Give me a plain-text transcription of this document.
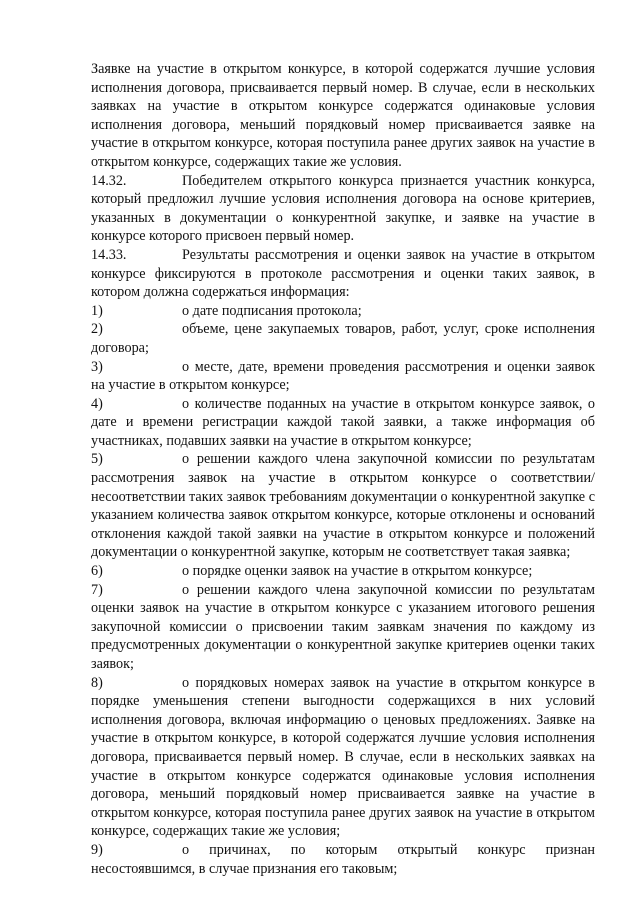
Заявке на участие в открытом конкурсе, в которой содержатся лучшие условия исполнения договора, присваивается первый номер. В случае, если в нескольких заявках на участие в открытом конкурсе содержатся одинаковые условия исполнения договора, меньший порядковый номер присваивается заявке на участие в открытом конкурсе, которая поступила ранее других заявок на участие в открытом конкурсе, содержащих такие же условия.

14.32.	Победителем открытого конкурса признается участник конкурса, который предложил лучшие условия исполнения договора на основе критериев, указанных в документации о конкурентной закупке, и заявке на участие в конкурсе которого присвоен первый номер.

14.33.	Результаты рассмотрения и оценки заявок на участие в открытом конкурсе фиксируются в протоколе рассмотрения и оценки таких заявок, в котором должна содержаться информация:

1)	о дате подписания протокола;

2)	объеме, цене закупаемых товаров, работ, услуг, сроке исполнения договора;

3)	о месте, дате, времени проведения рассмотрения и оценки заявок на участие в открытом конкурсе;

4)	о количестве поданных на участие в открытом конкурсе заявок, о дате и времени регистрации каждой такой заявки, а также информация об участниках, подавших заявки на участие в открытом конкурсе;

5)	о решении каждого члена закупочной комиссии по результатам рассмотрения заявок на участие в открытом конкурсе о соответствии/несоответствии таких заявок требованиям документации о конкурентной закупке с указанием количества заявок открытом конкурсе, которые отклонены и оснований отклонения каждой такой заявки на участие в открытом конкурсе и положений документации о конкурентной закупке, которым не соответствует такая заявка;

6)	о порядке оценки заявок на участие в открытом конкурсе;

7)	о решении каждого члена закупочной комиссии по результатам оценки заявок на участие в открытом конкурсе с указанием итогового решения закупочной комиссии о присвоении таким заявкам значения по каждому из предусмотренных документации о конкурентной закупке критериев оценки таких заявок;

8)	о порядковых номерах заявок на участие в открытом конкурсе в порядке уменьшения степени выгодности содержащихся в них условий исполнения договора, включая информацию о ценовых предложениях. Заявке на участие в открытом конкурсе, в которой содержатся лучшие условия исполнения договора, присваивается первый номер. В случае, если в нескольких заявках на участие в открытом конкурсе содержатся одинаковые условия исполнения договора, меньший порядковый номер присваивается заявке на участие в открытом конкурсе, которая поступила ранее других заявок на участие в открытом конкурсе, содержащих такие же условия;

9)	о причинах, по которым открытый конкурс признан несостоявшимся, в случае признания его таковым;
